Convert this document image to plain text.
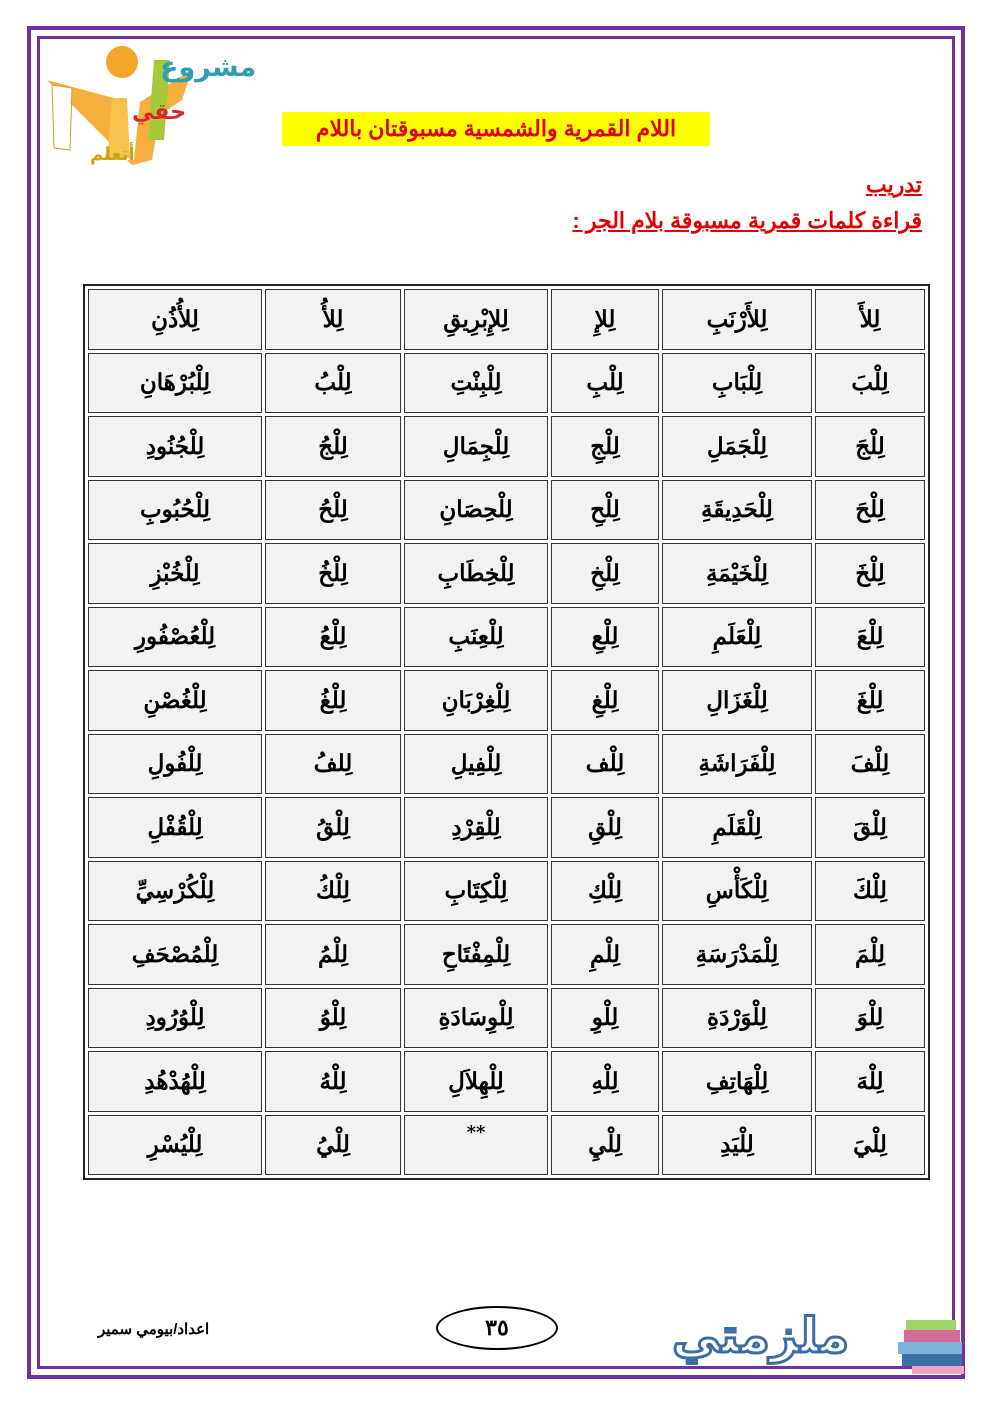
مشروع
حقي
أتعلم
اللام القمرية والشمسية مسبوقتان باللام
تدريب
قراءة كلمات قمرية مسبوقة بلام الجر :
لِلأَ	لِلأَرْنَبِ	لِلإِ	لِلإِبْرِيقِ	لِلأُ	لِلأُذُنِ
لِلْبَ	لِلْبَابِ	لِلْبِ	لِلْبِنْتِ	لِلْبُ	لِلْبُرْهَانِ
لِلْجَ	لِلْجَمَلِ	لِلْجِ	لِلْجِمَالِ	لِلْجُ	لِلْجُنُودِ
لِلْحَ	لِلْحَدِيقَةِ	لِلْحِ	لِلْحِصَانِ	لِلْحُ	لِلْحُبُوبِ
لِلْخَ	لِلْخَيْمَةِ	لِلْخِ	لِلْخِطَابِ	لِلْخُ	لِلْخُبْزِ
لِلْعَ	لِلْعَلَمِ	لِلْعِ	لِلْعِنَبِ	لِلْعُ	لِلْعُصْفُورِ
لِلْغَ	لِلْغَزَالِ	لِلْغِ	لِلْغِرْبَانِ	لِلْغُ	لِلْغُصْنِ
لِلْفَ	لِلْفَرَاشَةِ	لِلْف	لِلْفِيلِ	لِلفُ	لِلْفُولِ
لِلْقَ	لِلْقَلَمِ	لِلْقِ	لِلْقِرْدِ	لِلْقُ	لِلْقُفْلِ
لِلْكَ	لِلْكَأْسِ	لِلْكِ	لِلْكِتَابِ	لِلْكُ	لِلْكُرْسِيِّ
لِلْمَ	لِلْمَدْرَسَةِ	لِلْمِ	لِلْمِفْتَاحِ	لِلْمُ	لِلْمُصْحَفِ
لِلْوَ	لِلْوَرْدَةِ	لِلْوِ	لِلْوِسَادَةِ	لِلْوُ	لِلْوُرُودِ
لِلْهَ	لِلْهَاتِفِ	لِلْهِ	لِلْهِلاَلِ	لِلْهُ	لِلْهُدْهُدِ
لِلْيَ	لِلْيَدِ	لِلْيِ	**	لِلْيُ	لِلْيُسْرِ
اعداد/بيومي سمير	٣٥	ملزمتي
